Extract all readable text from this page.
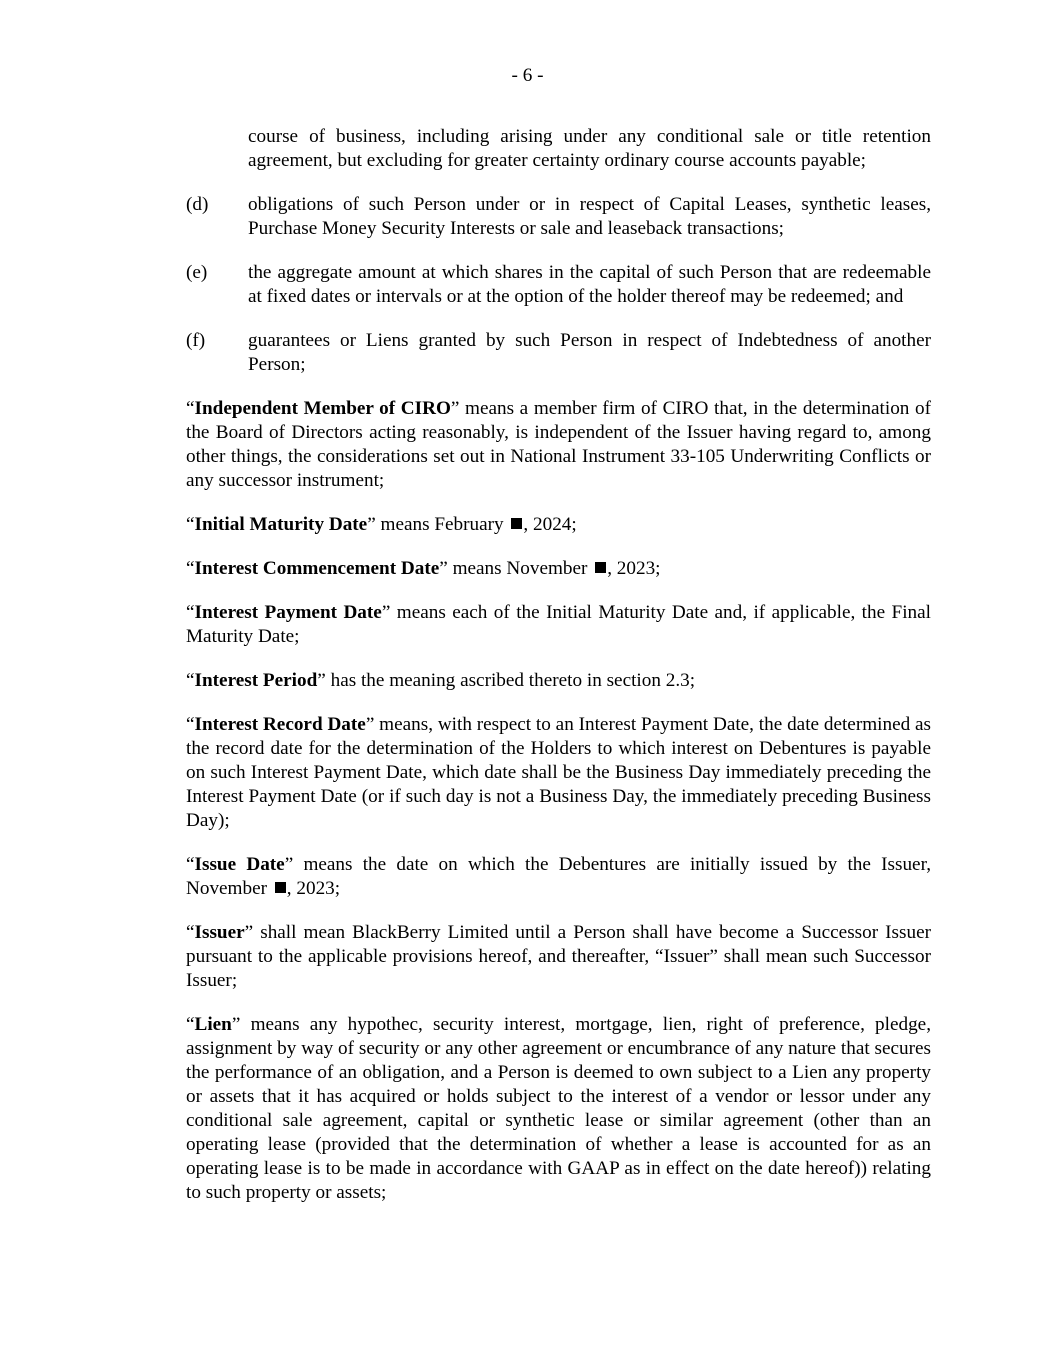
- 6 -
course of business, including arising under any conditional sale or title retention agreement, but excluding for greater certainty ordinary course accounts payable;
(d)	obligations of such Person under or in respect of Capital Leases, synthetic leases, Purchase Money Security Interests or sale and leaseback transactions;
(e)	the aggregate amount at which shares in the capital of such Person that are redeemable at fixed dates or intervals or at the option of the holder thereof may be redeemed; and
(f)	guarantees or Liens granted by such Person in respect of Indebtedness of another Person;
“Independent Member of CIRO” means a member firm of CIRO that, in the determination of the Board of Directors acting reasonably, is independent of the Issuer having regard to, among other things, the considerations set out in National Instrument 33-105 Underwriting Conflicts or any successor instrument;
“Initial Maturity Date” means February , 2024;
“Interest Commencement Date” means November , 2023;
“Interest Payment Date” means each of the Initial Maturity Date and, if applicable, the Final Maturity Date;
“Interest Period” has the meaning ascribed thereto in section 2.3;
“Interest Record Date” means, with respect to an Interest Payment Date, the date determined as the record date for the determination of the Holders to which interest on Debentures is payable on such Interest Payment Date, which date shall be the Business Day immediately preceding the Interest Payment Date (or if such day is not a Business Day, the immediately preceding Business Day);
“Issue Date” means the date on which the Debentures are initially issued by the Issuer, November , 2023;
“Issuer” shall mean BlackBerry Limited until a Person shall have become a Successor Issuer pursuant to the applicable provisions hereof, and thereafter, “Issuer” shall mean such Successor Issuer;
“Lien” means any hypothec, security interest, mortgage, lien, right of preference, pledge, assignment by way of security or any other agreement or encumbrance of any nature that secures the performance of an obligation, and a Person is deemed to own subject to a Lien any property or assets that it has acquired or holds subject to the interest of a vendor or lessor under any conditional sale agreement, capital or synthetic lease or similar agreement (other than an operating lease (provided that the determination of whether a lease is accounted for as an operating lease is to be made in accordance with GAAP as in effect on the date hereof)) relating to such property or assets;
